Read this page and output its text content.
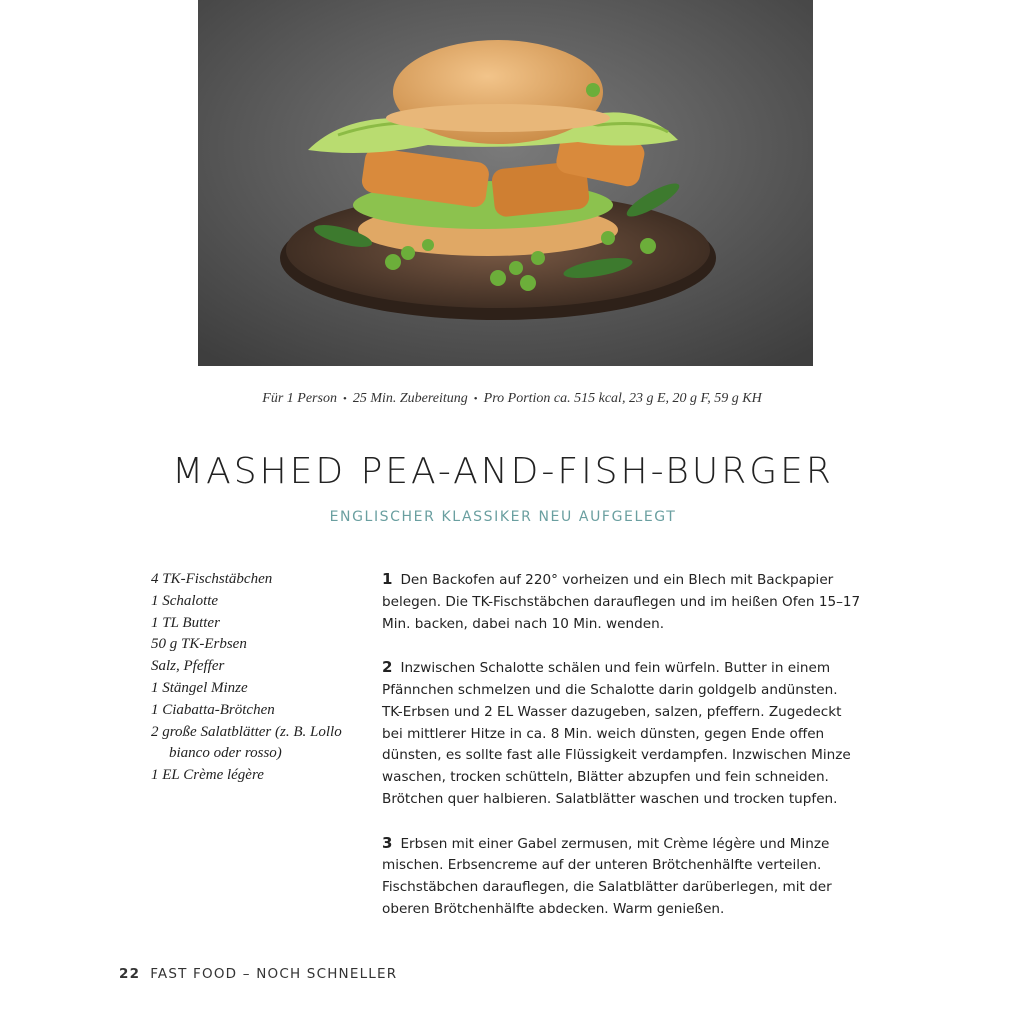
Für 1 Person • 25 Min. Zubereitung • Pro Portion ca. 515 kcal, 23 g E, 20 g F, 59 g KH
MASHED PEA-AND-FISH-BURGER
ENGLISCHER KLASSIKER NEU AUFGELEGT
4 TK-Fischstäbchen
1 Schalotte
1 TL Butter
50 g TK-Erbsen
Salz, Pfeffer
1 Stängel Minze
1 Ciabatta-Brötchen
2 große Salatblätter (z. B. Lollo bianco oder rosso)
1 EL Crème légère

1 Den Backofen auf 220° vorheizen und ein Blech mit Backpapier belegen. Die TK-Fischstäbchen darauflegen und im heißen Ofen 15–17 Min. backen, dabei nach 10 Min. wenden.

2 Inzwischen Schalotte schälen und fein würfeln. Butter in einem Pfännchen schmelzen und die Schalotte darin goldgelb andünsten. TK-Erbsen und 2 EL Wasser dazugeben, salzen, pfeffern. Zugedeckt bei mittlerer Hitze in ca. 8 Min. weich dünsten, gegen Ende offen dünsten, es sollte fast alle Flüssigkeit verdampfen. Inzwischen Minze waschen, trocken schütteln, Blätter abzupfen und fein schneiden. Brötchen quer halbieren. Salatblätter waschen und trocken tupfen.

3 Erbsen mit einer Gabel zermusen, mit Crème légère und Minze mischen. Erbsencreme auf der unteren Brötchenhälfte verteilen. Fischstäbchen darauflegen, die Salatblätter darüberlegen, mit der oberen Brötchenhälfte abdecken. Warm genießen.

22 FAST FOOD – NOCH SCHNELLER
